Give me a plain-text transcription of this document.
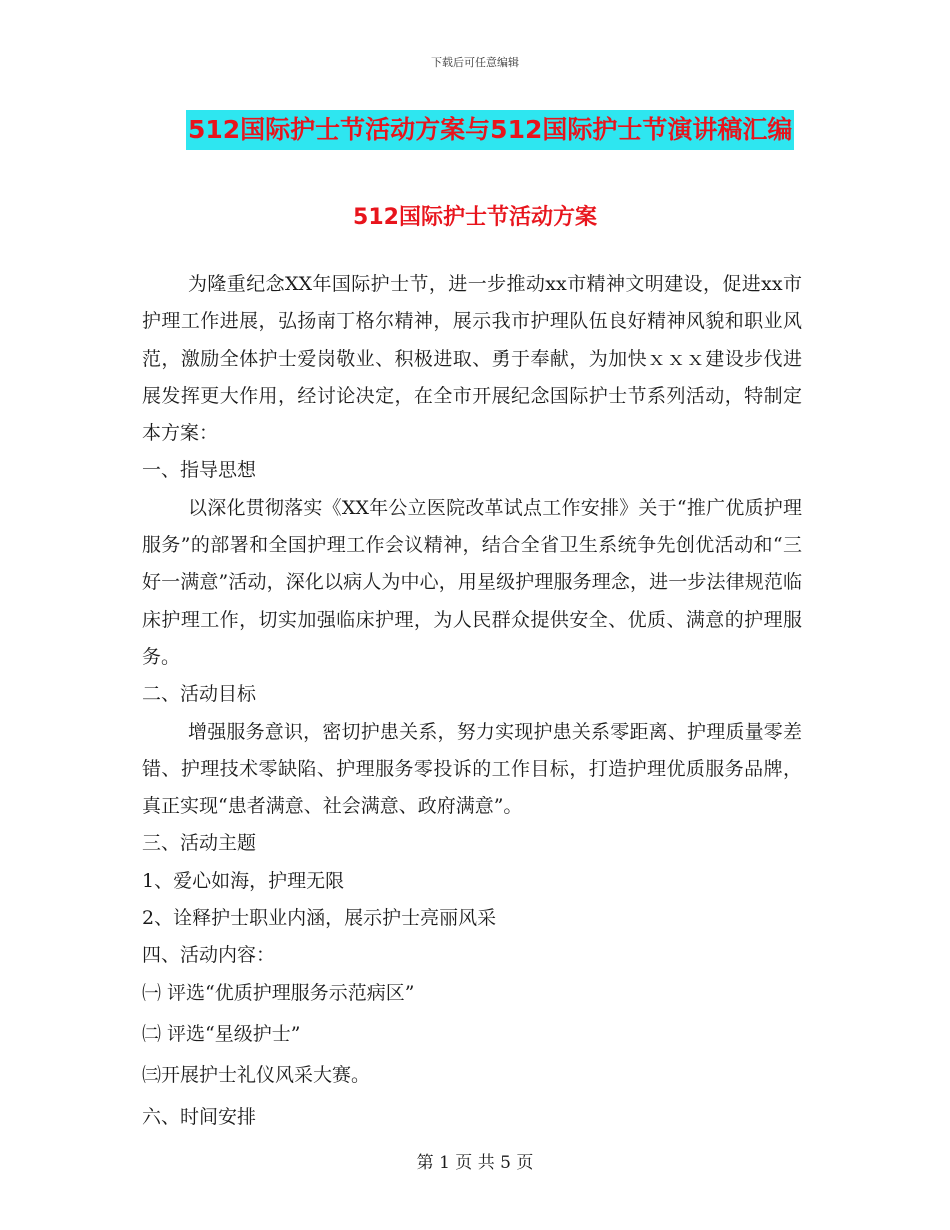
下载后可任意编辑
512国际护士节活动方案与512国际护士节演讲稿汇编
512国际护士节活动方案

为隆重纪念XX年国际护士节，进一步推动xx市精神文明建设，促进xx市护理工作进展，弘扬南丁格尔精神，展示我市护理队伍良好精神风貌和职业风范，激励全体护士爱岗敬业、积极进取、勇于奉献，为加快ｘｘｘ建设步伐进展发挥更大作用，经讨论决定，在全市开展纪念国际护士节系列活动，特制定本方案：

一、指导思想

以深化贯彻落实《XX年公立医院改革试点工作安排》关于“推广优质护理服务”的部署和全国护理工作会议精神，结合全省卫生系统争先创优活动和“三好一满意”活动，深化以病人为中心，用星级护理服务理念，进一步法律规范临床护理工作，切实加强临床护理，为人民群众提供安全、优质、满意的护理服务。

二、活动目标

增强服务意识，密切护患关系，努力实现护患关系零距离、护理质量零差错、护理技术零缺陷、护理服务零投诉的工作目标，打造护理优质服务品牌，真正实现“患者满意、社会满意、政府满意”。

三、活动主题

1、爱心如海，护理无限

2、诠释护士职业内涵，展示护士亮丽风采

四、活动内容：

㈠ 评选“优质护理服务示范病区”

㈡ 评选“星级护士”

㈢开展护士礼仪风采大赛。

六、时间安排

第 1 页 共 5 页
